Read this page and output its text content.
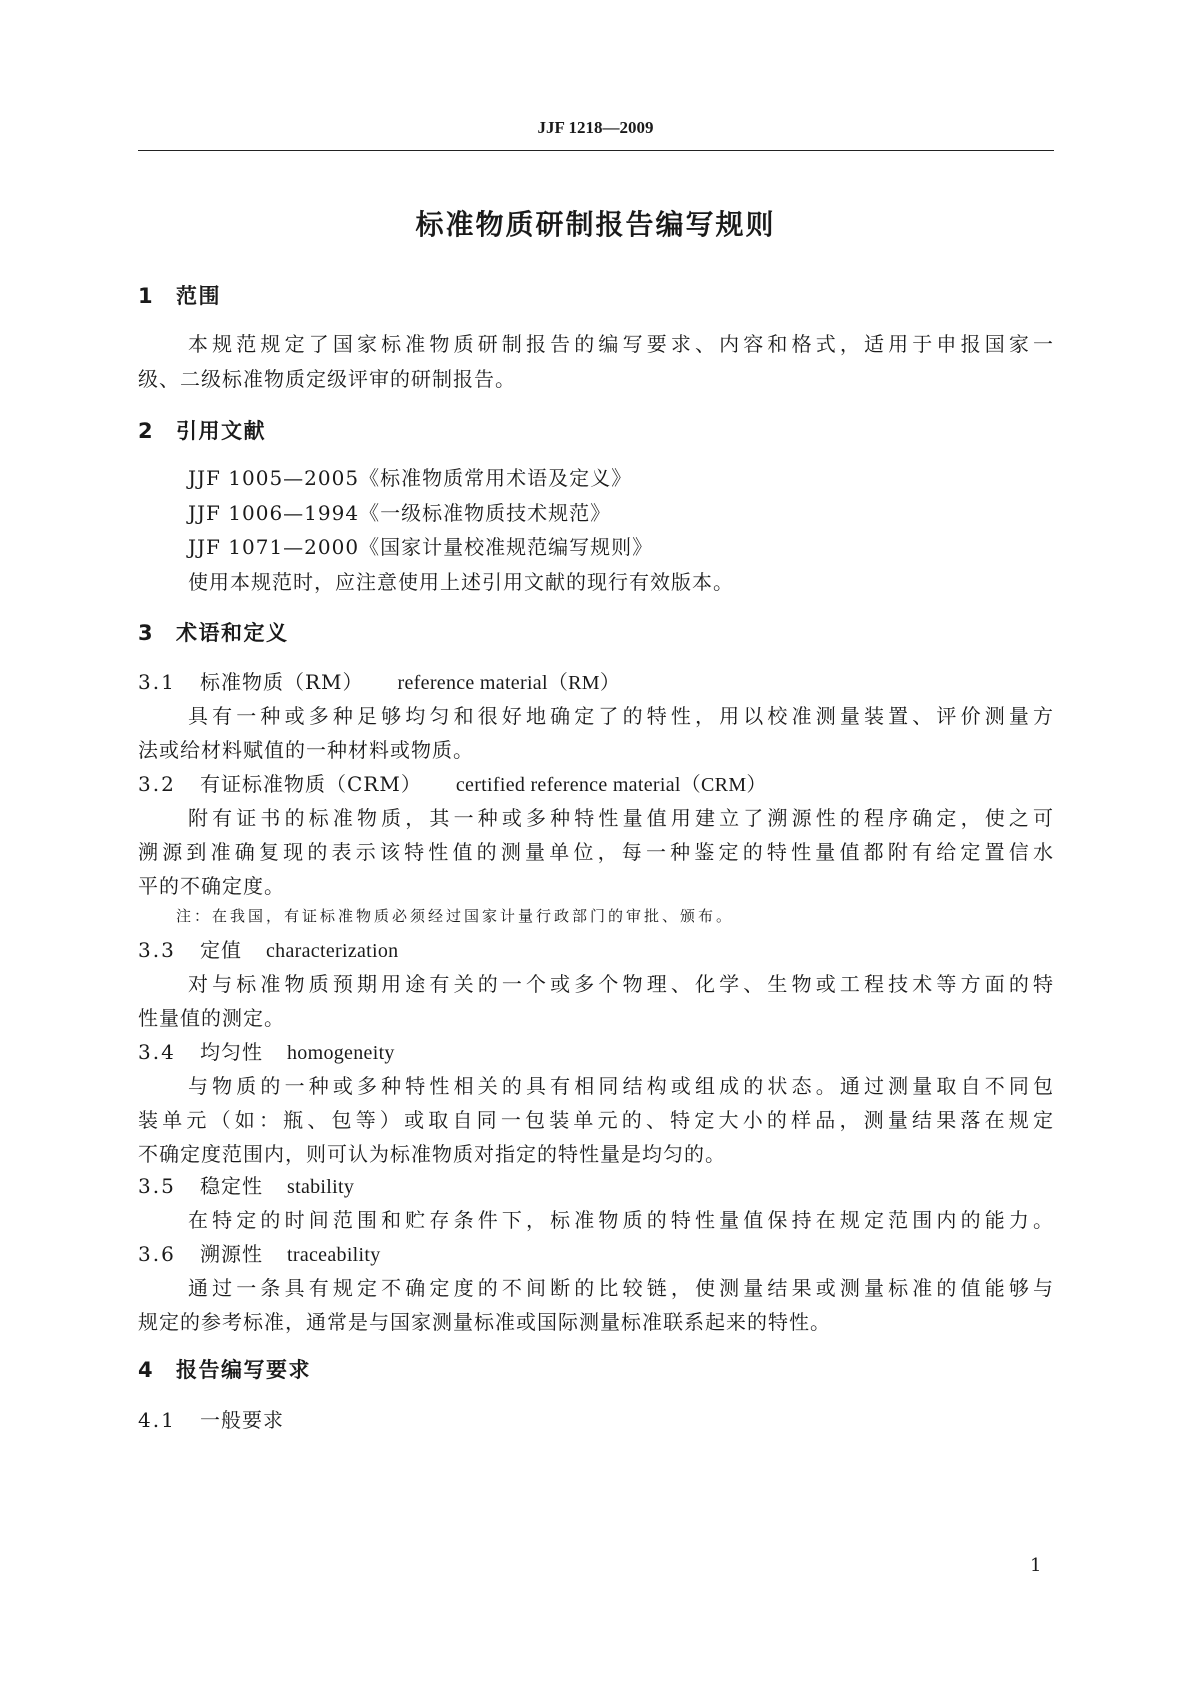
JJF 1218—2009
标准物质研制报告编写规则
1 范围
本规范规定了国家标准物质研制报告的编写要求、内容和格式，适用于申报国家一
级、二级标准物质定级评审的研制报告。
2 引用文献
JJF 1005—2005《标准物质常用术语及定义》
JJF 1006—1994《一级标准物质技术规范》
JJF 1071—2000《国家计量校准规范编写规则》
使用本规范时，应注意使用上述引用文献的现行有效版本。
3 术语和定义
3.1 标准物质（RM） reference material（RM）
具有一种或多种足够均匀和很好地确定了的特性，用以校准测量装置、评价测量方
法或给材料赋值的一种材料或物质。
3.2 有证标准物质（CRM） certified reference material（CRM）
附有证书的标准物质，其一种或多种特性量值用建立了溯源性的程序确定，使之可
溯源到准确复现的表示该特性值的测量单位，每一种鉴定的特性量值都附有给定置信水
平的不确定度。
注：在我国，有证标准物质必须经过国家计量行政部门的审批、颁布。
3.3 定值 characterization
对与标准物质预期用途有关的一个或多个物理、化学、生物或工程技术等方面的特
性量值的测定。
3.4 均匀性 homogeneity
与物质的一种或多种特性相关的具有相同结构或组成的状态。通过测量取自不同包
装单元（如：瓶、包等）或取自同一包装单元的、特定大小的样品，测量结果落在规定
不确定度范围内，则可认为标准物质对指定的特性量是均匀的。
3.5 稳定性 stability
在特定的时间范围和贮存条件下，标准物质的特性量值保持在规定范围内的能力。
3.6 溯源性 traceability
通过一条具有规定不确定度的不间断的比较链，使测量结果或测量标准的值能够与
规定的参考标准，通常是与国家测量标准或国际测量标准联系起来的特性。
4 报告编写要求
4.1 一般要求
1
